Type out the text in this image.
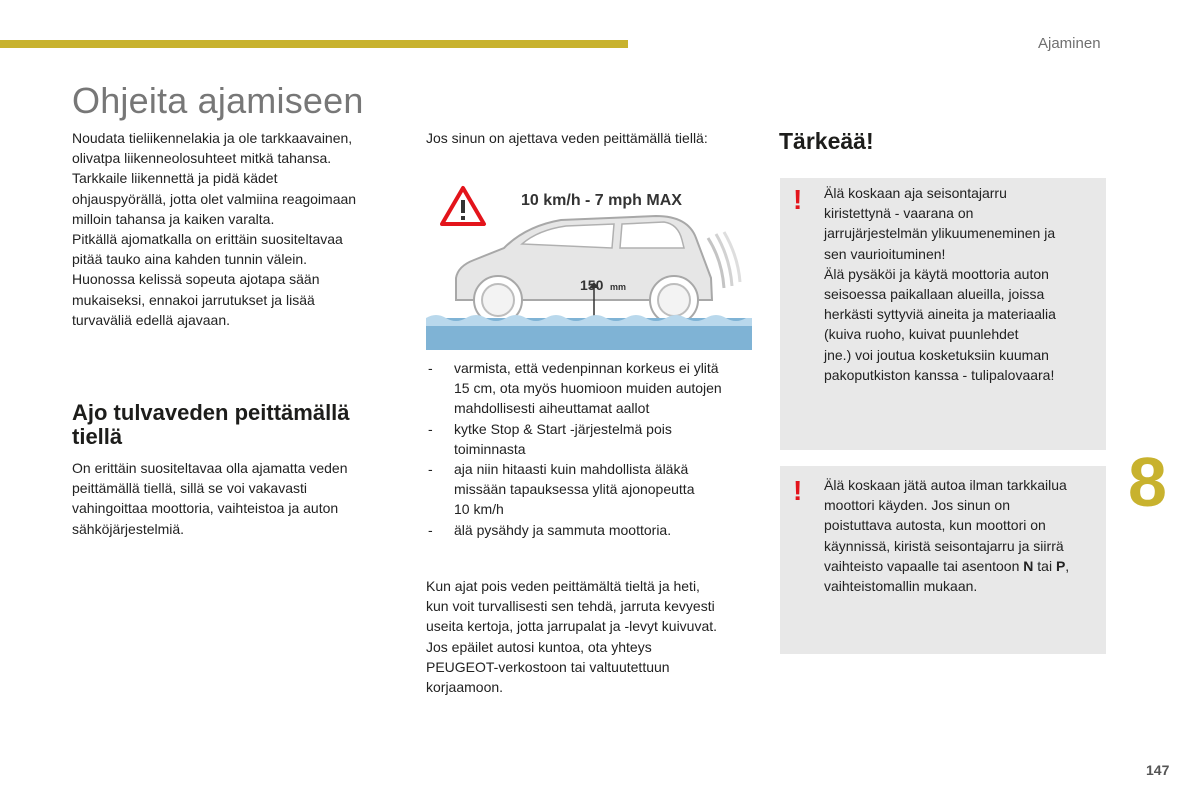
Ajaminen
Ohjeita ajamiseen

Noudata tieliikennelakia ja ole tarkkaavainen,

olivatpa liikenneolosuhteet mitkä tahansa.

Tarkkaile liikennettä ja pidä kädet

ohjauspyörällä, jotta olet valmiina reagoimaan

milloin tahansa ja kaiken varalta.

Pitkällä ajomatkalla on erittäin suositeltavaa

pitää tauko aina kahden tunnin välein.

Huonossa kelissä sopeuta ajotapa sään

mukaiseksi, ennakoi jarrutukset ja lisää

turvaväliä edellä ajavaan.

Ajo tulvaveden peittämällä tiellä

On erittäin suositeltavaa olla ajamatta veden

peittämällä tiellä, sillä se voi vakavasti

vahingoittaa moottoria, vaihteistoa ja auton

sähköjärjestelmiä.

Jos sinun on ajettava veden peittämällä tiellä:
10 km/h - 7 mph MAX
150 mm
- varmista, että vedenpinnan korkeus ei ylitä
15 cm, ota myös huomioon muiden autojen
mahdollisesti aiheuttamat aallot
- kytke Stop & Start -järjestelmä pois
toiminnasta
- aja niin hitaasti kuin mahdollista äläkä
missään tapauksessa ylitä ajonopeutta
10 km/h
- älä pysähdy ja sammuta moottoria.

Kun ajat pois veden peittämältä tieltä ja heti,

kun voit turvallisesti sen tehdä, jarruta kevyesti

useita kertoja, jotta jarrupalat ja -levyt kuivuvat.

Jos epäilet autosi kuntoa, ota yhteys

PEUGEOT-verkostoon tai valtuutettuun

korjaamoon.

Tärkeää!
! Älä koskaan aja seisontajarru

kiristettynä - vaarana on

jarrujärjestelmän ylikuumeneminen ja

sen vaurioituminen!

Älä pysäköi ja käytä moottoria auton

seisoessa paikallaan alueilla, joissa

herkästi syttyviä aineita ja materiaalia

(kuiva ruoho, kuivat puunlehdet

jne.) voi joutua kosketuksiin kuuman

pakoputkiston kanssa - tulipalovaara!

! Älä koskaan jätä autoa ilman tarkkailua

moottori käyden. Jos sinun on

poistuttava autosta, kun moottori on

käynnissä, kiristä seisontajarru ja siirrä

vaihteisto vapaalle tai asentoon N tai P,

vaihteistomallin mukaan.

8
147
